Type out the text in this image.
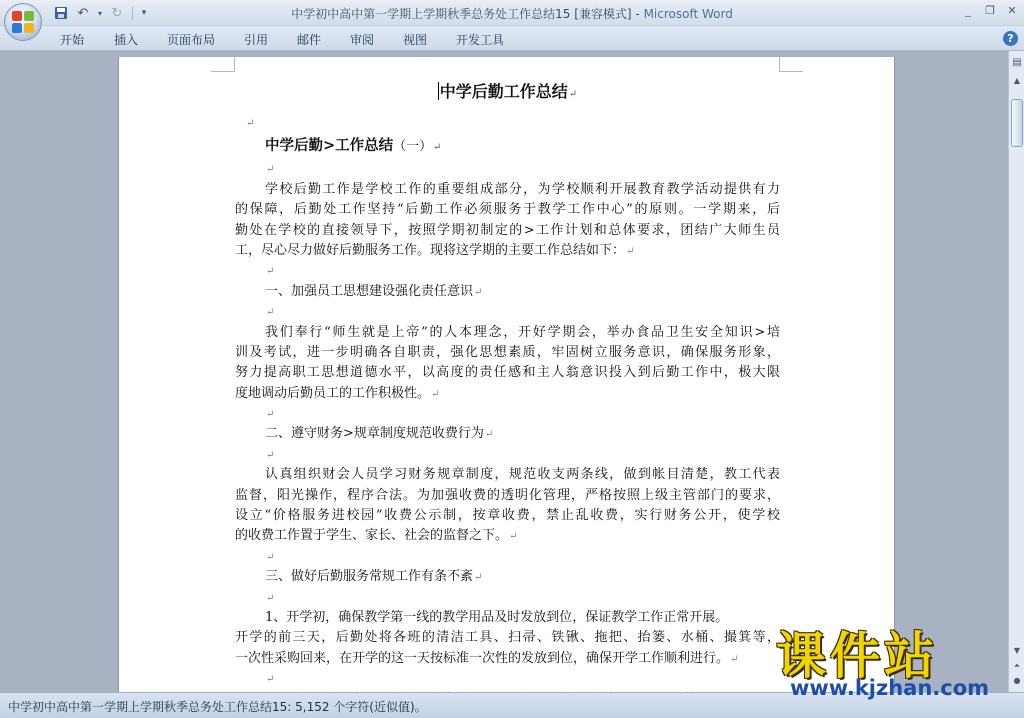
↶	▾ ↻	▾	中学初中高中第一学期上学期秋季总务处工作总结15 [兼容模式] - Microsoft Word	_	❐	✕
开始 插入 页面布局 引用 邮件 审阅 视图 开发工具	?
中学后勤工作总结↵
↵
中学后勤>工作总结（一）↵
↵
学校后勤工作是学校工作的重要组成部分，为学校顺利开展教育教学活动提供有力
的保障，后勤处工作坚持“后勤工作必须服务于教学工作中心”的原则。一学期来，后
勤处在学校的直接领导下，按照学期初制定的>工作计划和总体要求，团结广大师生员
工，尽心尽力做好后勤服务工作。现将这学期的主要工作总结如下：↵
↵
一、加强员工思想建设强化责任意识↵
↵
我们奉行“师生就是上帝”的人本理念，开好学期会，举办食品卫生安全知识>培
训及考试，进一步明确各自职责，强化思想素质，牢固树立服务意识，确保服务形象，
努力提高职工思想道德水平，以高度的责任感和主人翁意识投入到后勤工作中，极大限
度地调动后勤员工的工作积极性。↵
↵
二、遵守财务>规章制度规范收费行为↵
↵
认真组织财会人员学习财务规章制度，规范收支两条线，做到帐目清楚，教工代表
监督，阳光操作，程序合法。为加强收费的透明化管理，严格按照上级主管部门的要求，
设立“价格服务进校园”收费公示制，按章收费，禁止乱收费，实行财务公开，使学校
的收费工作置于学生、家长、社会的监督之下。↵
↵
三、做好后勤服务常规工作有条不紊↵
↵
1、开学初，确保教学第一线的教学用品及时发放到位，保证教学工作正常开展。
开学的前三天，后勤处将各班的清洁工具、扫帚、铁锹、拖把、抬篓、水桶、撮箕等，
一次性采购回来，在开学的这一天按标准一次性的发放到位，确保开学工作顺利进行。↵
↵
▤
▲
▼
⏶
●
中学初中高中第一学期上学期秋季总务处工作总结15: 5,152 个字符(近似值)。
课件站
www.kjzhan.com
